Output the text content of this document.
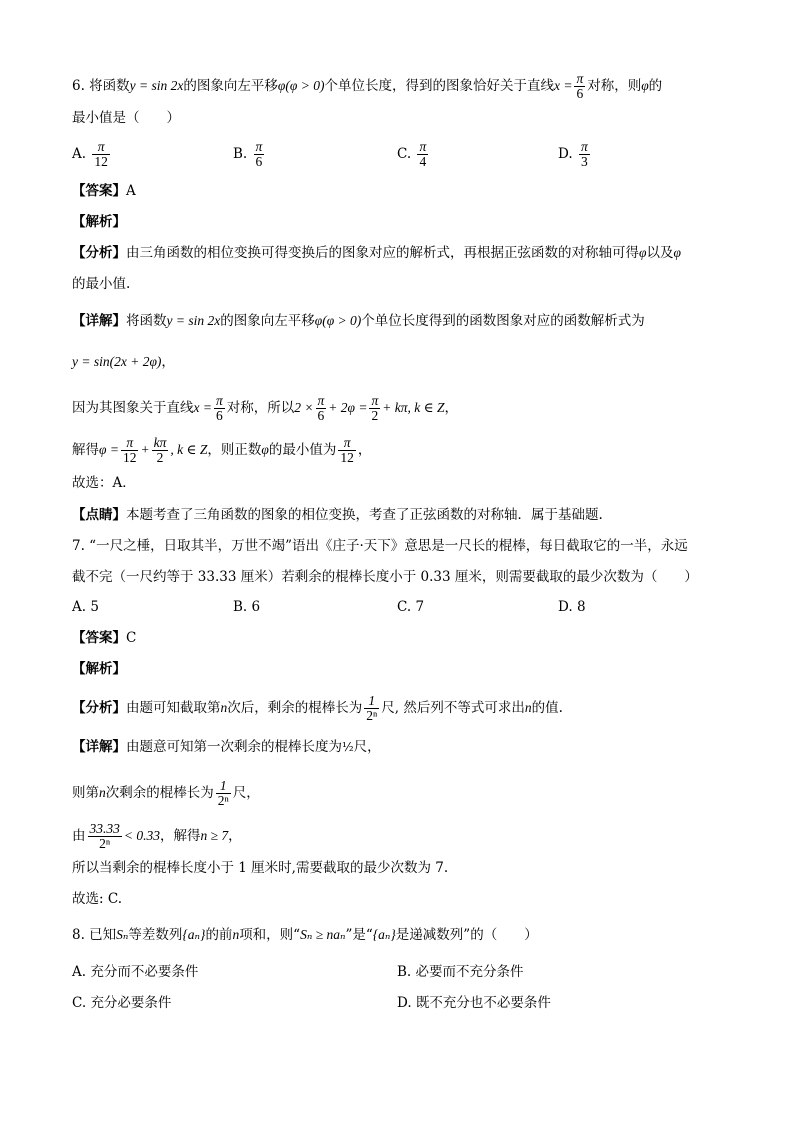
6. 将函数y = sin 2x的图象向左平移φ(φ > 0)个单位长度，得到的图象恰好关于直线$x = \frac{\pi}{6}$ 对称，则φ的
最小值是（　　）
A. $\frac{\pi}{12}$	B. $\frac{\pi}{6}$	C. $\frac{\pi}{4}$	D. $\frac{\pi}{3}$
【答案】A
【解析】
【分析】由三角函数的相位变换可得变换后的图象对应的解析式，再根据正弦函数的对称轴可得φ以及φ
的最小值.
【详解】将函数y = sin 2x的图象向左平移φ(φ > 0)个单位长度得到的函数图象对应的函数解析式为
y = sin(2x + 2φ)，
因为其图象关于直线$x = \frac{\pi}{6}$ 对称，所以$2 \times \frac{\pi}{6} + 2\varphi = \frac{\pi}{2} + k\pi$, k ∈ Z，
解得$\varphi = \frac{\pi}{12} + \frac{k\pi}{2}$ , k ∈ Z，则正数φ的最小值为 $\frac{\pi}{12}$ ，
故选：A．
【点睛】本题考查了三角函数的图象的相位变换，考查了正弦函数的对称轴．属于基础题.
7. “一尺之棰，日取其半，万世不竭”语出《庄子·天下》意思是一尺长的棍棒，每日截取它的一半，永远
截不完（一尺约等于 33.33 厘米）若剩余的棍棒长度小于 0.33 厘米，则需要截取的最少次数为（　　）
A. 5	B. 6	C. 7	D. 8
【答案】C
【解析】
【分析】由题可知截取第n次后，剩余的棍棒长为 $\frac{1}{\text{2ⁿ}}$ 尺, 然后列不等式可求出n的值.
【详解】由题意可知第一次剩余的棍棒长度为½尺，
则第n次剩余的棍棒长为 $\frac{1}{\text{2ⁿ}}$ 尺，
由 $\frac{33.33}{\text{2ⁿ}} < 0.33$，解得n ≥ 7，
所以当剩余的棍棒长度小于 1 厘米时,需要截取的最少次数为 7.
故选: C.
8. 已知Sₙ等差数列{aₙ}的前n项和，则“Sₙ ≥ naₙ”是“{aₙ}是递减数列”的（　　）
A. 充分而不必要条件	B. 必要而不充分条件
C. 充分必要条件	D. 既不充分也不必要条件
